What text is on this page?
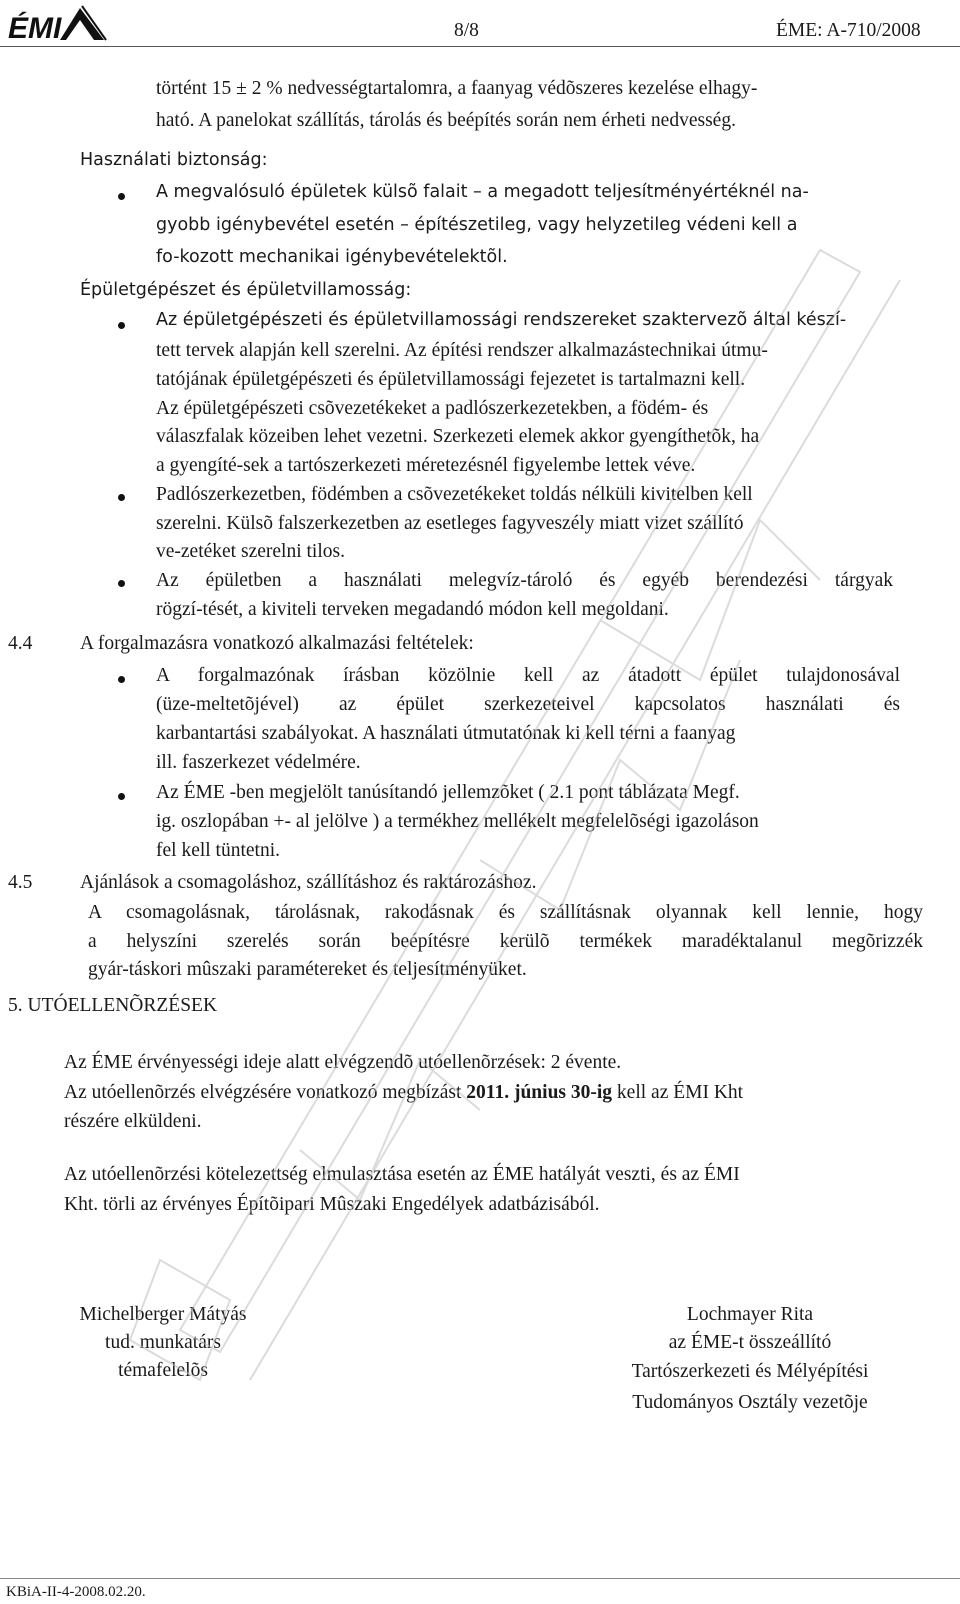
ÉMI	8/8	ÉME: A-710/2008
történt 15 ± 2 % nedvességtartalomra, a faanyag védõszeres kezelése elhagy-
ható. A panelokat szállítás, tárolás és beépítés során nem érheti nedvesség.
Használati biztonság:
A megvalósuló épületek külsõ falait – a megadott teljesítményértéknél na-
gyobb igénybevétel esetén – építészetileg, vagy helyzetileg védeni kell a
fo-kozott mechanikai igénybevételektõl.
Épületgépészet és épületvillamosság:
Az épületgépészeti és épületvillamossági rendszereket szaktervezõ által készí-
tett tervek alapján kell szerelni. Az építési rendszer alkalmazástechnikai útmu-
tatójának épületgépészeti és épületvillamossági fejezetet is tartalmazni kell.
Az épületgépészeti csõvezetékeket a padlószerkezetekben, a födém- és
válaszfalak közeiben lehet vezetni. Szerkezeti elemek akkor gyengíthetõk, ha
a gyengíté-sek a tartószerkezeti méretezésnél figyelembe lettek véve.
Padlószerkezetben, födémben a csõvezetékeket toldás nélküli kivitelben kell
szerelni. Külsõ falszerkezetben az esetleges fagyveszély miatt vizet szállító
ve-zetéket szerelni tilos.
Az épületben a használati melegvíz-tároló és egyéb berendezési tárgyak
rögzí-tését, a kiviteli terveken megadandó módon kell megoldani.
4.4 A forgalmazásra vonatkozó alkalmazási feltételek:
A forgalmazónak írásban közölnie kell az átadott épület tulajdonosával
(üze-meltetõjével) az épület szerkezeteivel kapcsolatos használati és
karbantartási szabályokat. A használati útmutatónak ki kell térni a faanyag
ill. faszerkezet védelmére.
Az ÉME -ben megjelölt tanúsítandó jellemzõket ( 2.1 pont táblázata Megf.
ig. oszlopában +- al jelölve ) a termékhez mellékelt megfelelõségi igazoláson
fel kell tüntetni.
4.5 Ajánlások a csomagoláshoz, szállításhoz és raktározáshoz.
A csomagolásnak, tárolásnak, rakodásnak és szállításnak olyannak kell lennie, hogy
a helyszíni szerelés során beépítésre kerülõ termékek maradéktalanul megõrizzék
gyár-táskori mûszaki paramétereket és teljesítményüket.
5. UTÓELLENÕRZÉSEK
Az ÉME érvényességi ideje alatt elvégzendõ utóellenõrzések: 2 évente.
Az utóellenõrzés elvégzésére vonatkozó megbízást 2011. június 30-ig kell az ÉMI Kht
részére elküldeni.
Az utóellenõrzési kötelezettség elmulasztása esetén az ÉME hatályát veszti, és az ÉMI
Kht. törli az érvényes Építõipari Mûszaki Engedélyek adatbázisából.
Michelberger Mátyás
tud. munkatárs
témafelelõs
Lochmayer Rita
az ÉME-t összeállító
Tartószerkezeti és Mélyépítési
Tudományos Osztály vezetõje
KBiA-II-4-2008.02.20.
